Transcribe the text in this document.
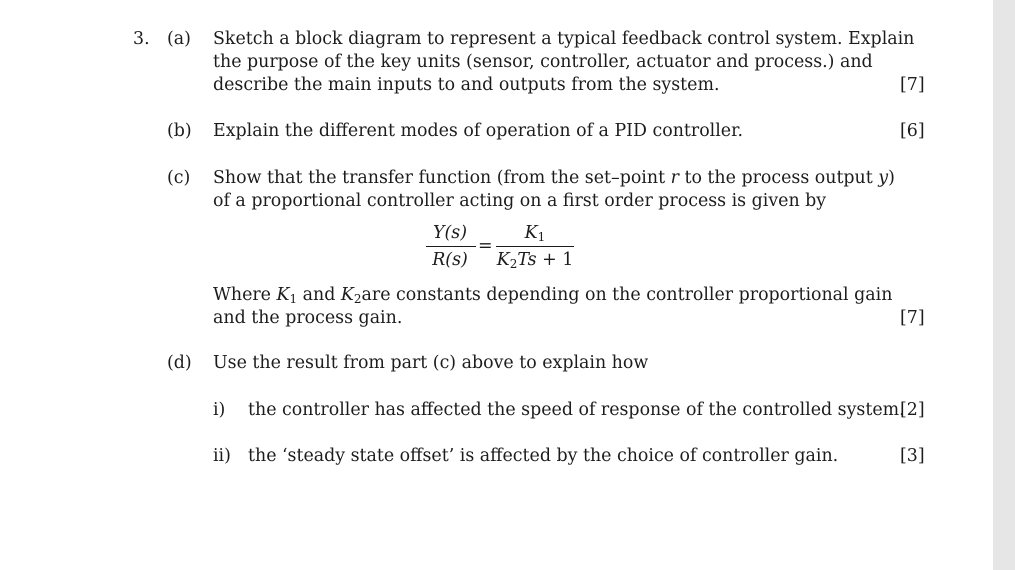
3. (a) Sketch a block diagram to represent a typical feedback control system. Explain
the purpose of the key units (sensor, controller, actuator and process.) and
describe the main inputs to and outputs from the system.	[7]
(b) Explain the different modes of operation of a PID controller.	[6]
(c) Show that the transfer function (from the set–point r to the process output y)
of a proportional controller acting on a first order process is given by
Y(s)
R(s)
=
$K_1$
$K_2Ts + 1$
Where $K_1$ and $K_2are$ constants depending on the controller proportional gain
and the process gain.	[7]
(d) Use the result from part (c) above to explain how
i) the controller has affected the speed of response of the controlled system.
[2]
ii) the ‘steady state offset’ is affected by the choice of controller gain.	[3]
